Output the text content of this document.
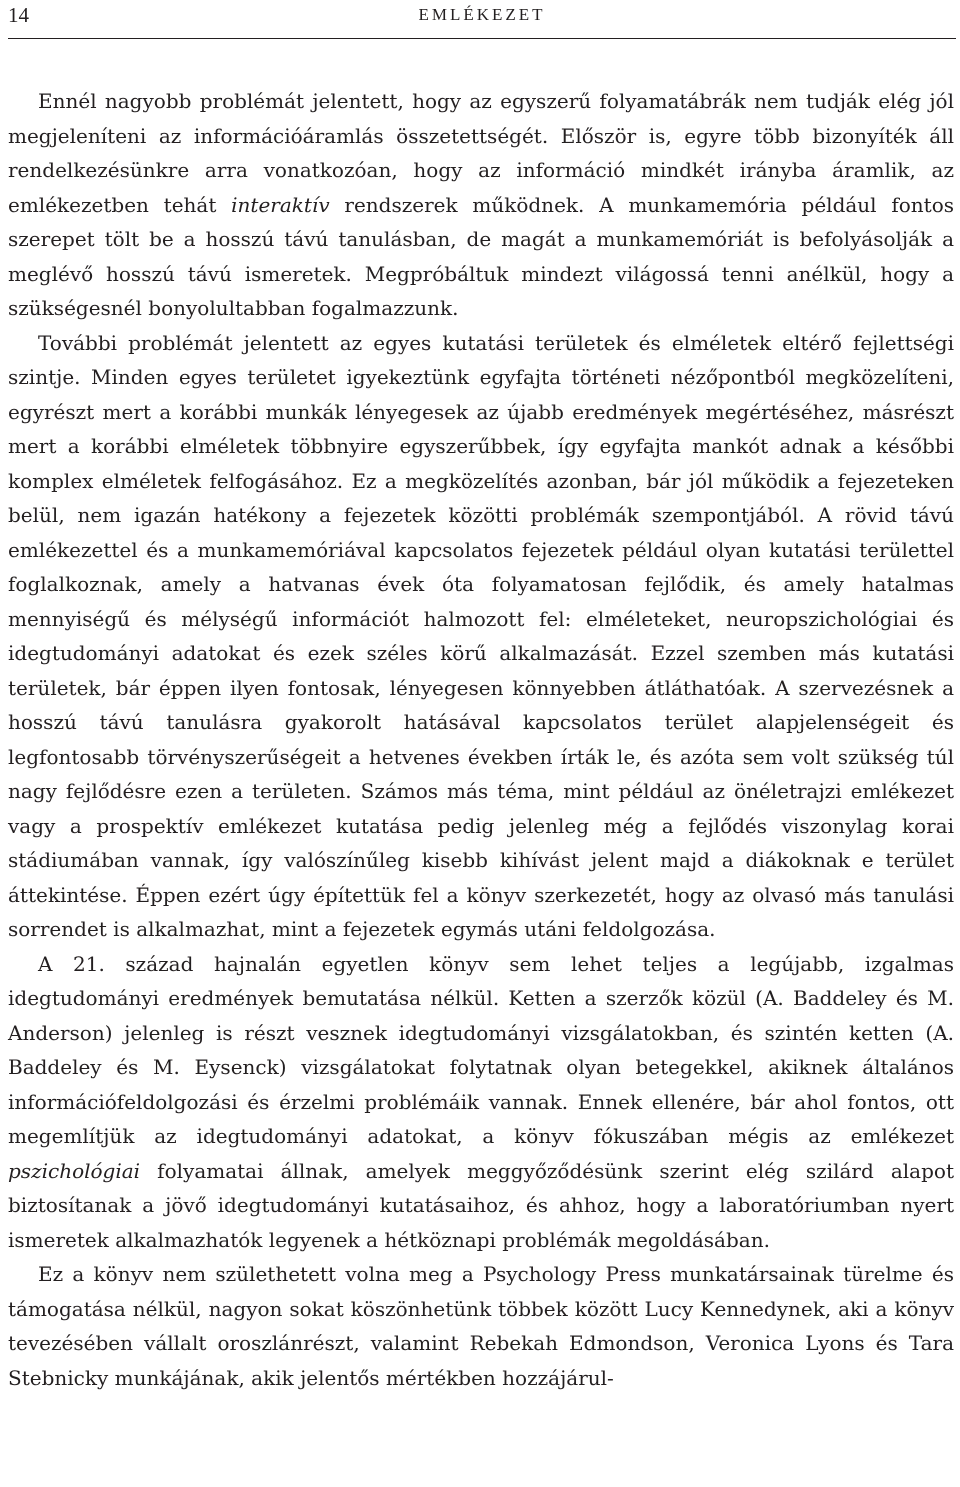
14	EMLÉKEZET

Ennél nagyobb problémát jelentett, hogy az egyszerű folyamatábrák nem tudják elég jól megjeleníteni az információáramlás összetettségét. Először is, egyre több bizonyíték áll rendelkezésünkre arra vonatkozóan, hogy az információ mindkét irányba áramlik, az emlékezetben tehát interaktív rendszerek működnek. A munkamemória például fontos szerepet tölt be a hosszú távú tanulásban, de magát a munkamemóriát is befolyásolják a meglévő hosszú távú ismeretek. Megpróbáltuk mindezt világossá tenni anélkül, hogy a szükségesnél bonyolultabban fogalmazzunk.

További problémát jelentett az egyes kutatási területek és elméletek eltérő fejlettségi szintje. Minden egyes területet igyekeztünk egyfajta történeti nézőpontból megközelíteni, egyrészt mert a korábbi munkák lényegesek az újabb eredmények megértéséhez, másrészt mert a korábbi elméletek többnyire egyszerűbbek, így egyfajta mankót adnak a későbbi komplex elméletek felfogásához. Ez a megközelítés azonban, bár jól működik a fejezeteken belül, nem igazán hatékony a fejezetek közötti problémák szempontjából. A rövid távú emlékezettel és a munkamemóriával kapcsolatos fejezetek például olyan kutatási területtel foglalkoznak, amely a hatvanas évek óta folyamatosan fejlődik, és amely hatalmas mennyiségű és mélységű információt halmozott fel: elméleteket, neuropszichológiai és idegtudományi adatokat és ezek széles körű alkalmazását. Ezzel szemben más kutatási területek, bár éppen ilyen fontosak, lényegesen könnyebben átláthatóak. A szervezésnek a hosszú távú tanulásra gyakorolt hatásával kapcsolatos terület alapjelenségeit és legfontosabb törvényszerűségeit a hetvenes években írták le, és azóta sem volt szükség túl nagy fejlődésre ezen a területen. Számos más téma, mint például az önéletrajzi emlékezet vagy a prospektív emlékezet kutatása pedig jelenleg még a fejlődés viszonylag korai stádiumában vannak, így valószínűleg kisebb kihívást jelent majd a diákoknak e terület áttekintése. Éppen ezért úgy építettük fel a könyv szerkezetét, hogy az olvasó más tanulási sorrendet is alkalmazhat, mint a fejezetek egymás utáni feldolgozása.

A 21. század hajnalán egyetlen könyv sem lehet teljes a legújabb, izgalmas idegtudományi eredmények bemutatása nélkül. Ketten a szerzők közül (A. Baddeley és M. Anderson) jelenleg is részt vesznek idegtudományi vizsgálatokban, és szintén ketten (A. Baddeley és M. Eysenck) vizsgálatokat folytatnak olyan betegekkel, akiknek általános információfeldolgozási és érzelmi problémáik vannak. Ennek ellenére, bár ahol fontos, ott megemlítjük az idegtudományi adatokat, a könyv fókuszában mégis az emlékezet pszichológiai folyamatai állnak, amelyek meggyőződésünk szerint elég szilárd alapot biztosítanak a jövő idegtudományi kutatásaihoz, és ahhoz, hogy a laboratóriumban nyert ismeretek alkalmazhatók legyenek a hétköznapi problémák megoldásában.

Ez a könyv nem születhetett volna meg a Psychology Press munkatársainak türelme és támogatása nélkül, nagyon sokat köszönhetünk többek között Lucy Kennedynek, aki a könyv tevezésében vállalt oroszlánrészt, valamint Rebekah Edmondson, Veronica Lyons és Tara Stebnicky munkájának, akik jelentős mértékben hozzájárul-
